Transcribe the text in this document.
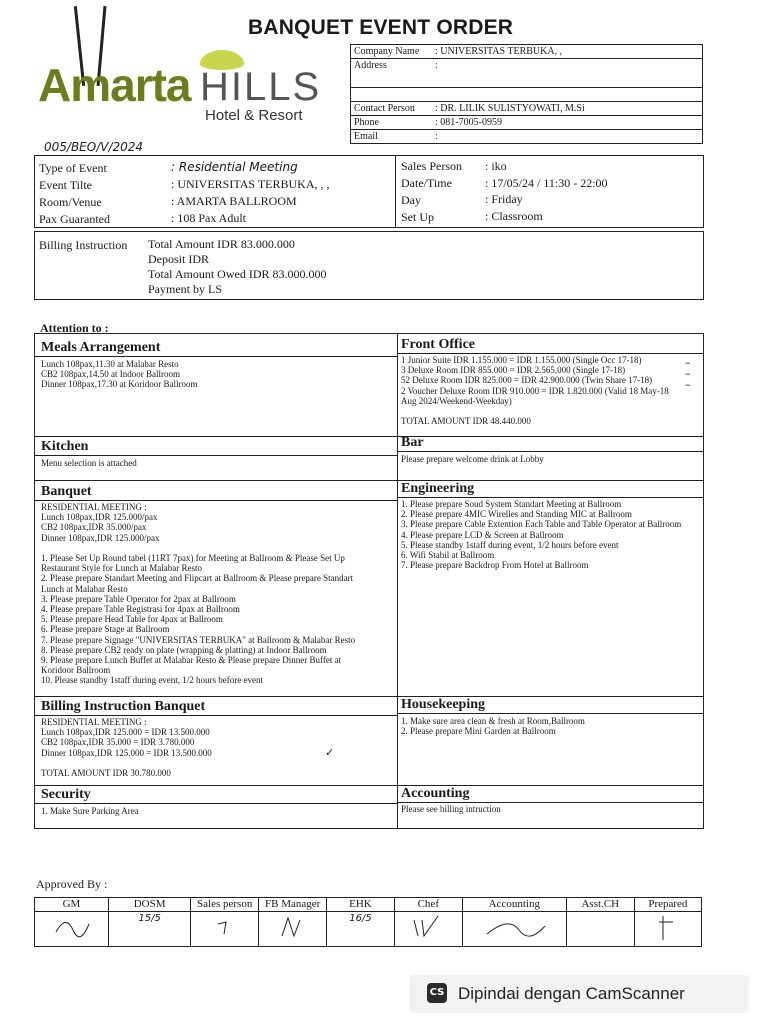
BANQUET EVENT ORDER
Amarta HILLS
Hotel & Resort
Company Name	: UNIVERSITAS TERBUKA, ,
Address	:

Contact Person	: DR. LILIK SULISTYOWATI, M.Si
Phone	: 081-7005-0959
Email	:
005/BEO/V/2024
Type of Event	: Residential Meeting
Event Tilte	: UNIVERSITAS TERBUKA, , ,
Room/Venue	: AMARTA BALLROOM
Pax Guaranted	: 108 Pax Adult
Sales Person : iko
Date/Time	: 17/05/24 / 11:30 - 22:00
Day	: Friday
Set Up	: Classroom
Billing Instruction Total Amount IDR 83.000.000
Deposit IDR
Total Amount Owed IDR 83.000.000
Payment by LS
Attention to :
Meals Arrangement
Lunch 108pax,11.30 at Malabar Resto
CB2 108pax,14.50 at Indoor Ballroom
Dinner 108pax,17.30 at Koridoor Ballroom
Front Office
1 Junior Suite IDR 1.155.000 = IDR 1.155.000 (Single Occ 17-18)
3 Deluxe Room IDR 855.000 = IDR 2.565.000 (Single 17-18)
52 Deluxe Room IDR 825.000 = IDR 42.900.000 (Twin Share 17-18)
2 Voucher Deluxe Room IDR 910.000 = IDR 1.820.000 (Valid 18 May-18
Aug 2024/Weekend-Weekday)

TOTAL AMOUNT IDR 48.440.000
Kitchen
Menu selection is attached
Bar
Please prepare welcome drink at Lobby
Banquet
RESIDENTIAL MEETING :
Lunch 108pax,IDR 125.000/pax
CB2 108pax,IDR 35.000/pax
Dinner 108pax,IDR 125.000/pax

1. Please Set Up Round tabel (11RT 7pax) for Meeting at Ballroom & Please Set Up
Restaurant Style for Lunch at Malabar Resto
2. Please prepare Standart Meeting and Flipcart at Ballroom & Please prepare Standart
Lunch at Malabar Resto
3. Please prepare Table Operator for 2pax at Ballroom
4. Please prepare Table Registrasi for 4pax at Ballroom
5. Please prepare Head Table for 4pax at Ballroom
6. Please prepare Stage at Ballroom
7. Please prepare Signage "UNIVERSITAS TERBUKA" at Ballroom & Malabar Resto
8. Please prepare CB2 ready on plate (wrapping & platting) at Indoor Ballroom
9. Please prepare Lunch Buffet at Malabar Resto & Please prepare Dinner Buffet at
Koridoor Ballroom
10. Please standby 1staff during event, 1/2 hours before event
Engineering
1. Please prepare Soud System Standart Meeting at Ballroom
2. Please prepare 4MIC Wirelles and Standing MIC at Ballroom
3. Please prepare Cable Extention Each Table and Table Operator at Ballroom
4. Please prepare LCD & Screen at Ballroom
5. Please standby 1staff during event, 1/2 hours before event
6. Wifi Stabil at Ballroom
7. Please prepare Backdrop From Hotel at Ballroom
Billing Instruction Banquet
RESIDENTIAL MEETING :
Lunch 108pax,IDR 125.000 = IDR 13.500.000
CB2 108pax,IDR 35.000 = IDR 3.780.000
Dinner 108pax,IDR 125.000 = IDR 13.500.000

TOTAL AMOUNT IDR 30.780.000
Housekeeping
1. Make sure area clean & fresh at Room,Ballroom
2. Please prepare Mini Garden at Ballroom
Security
1. Make Sure Parking Area
Accounting
Please see billing intruction
✓
–
–
–
Approved By :
GM	DOSM	Sales person	FB Manager	EHK	Chef	Accounting	Asst.CH	Prepared
	15/5			16/5				
CS Dipindai dengan CamScanner
